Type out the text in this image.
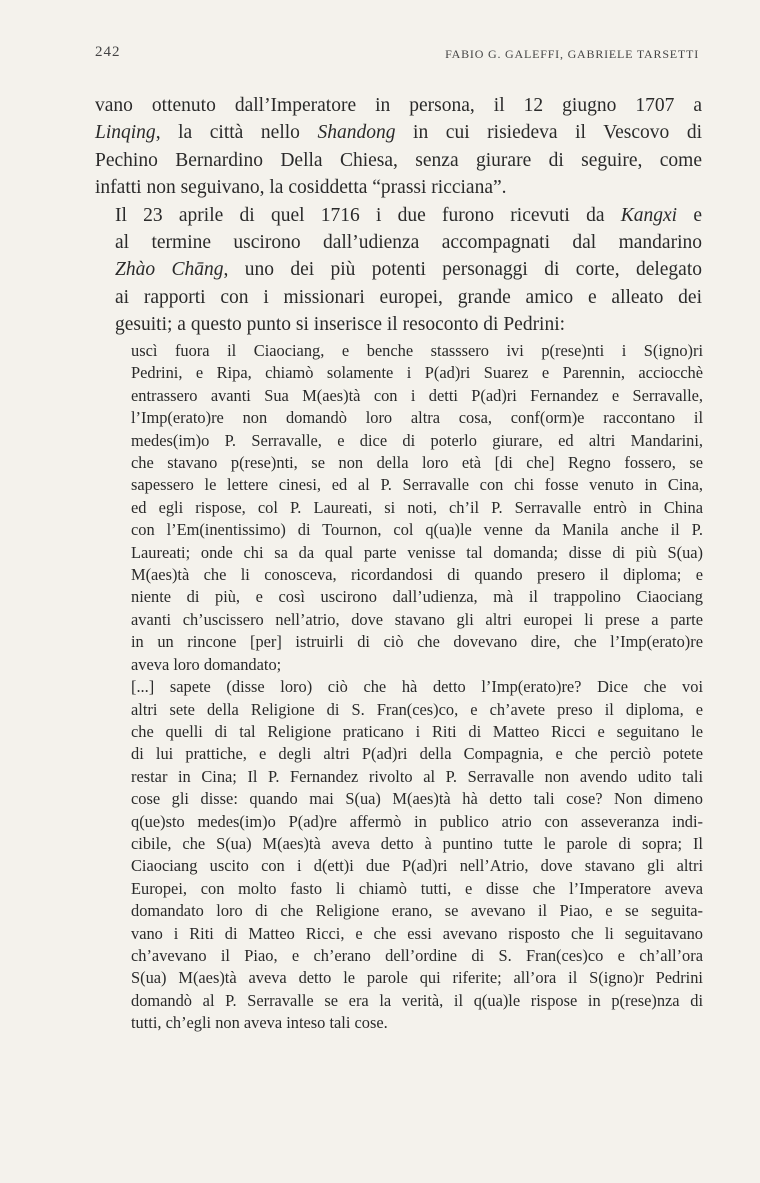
242	FABIO G. GALEFFI, GABRIELE TARSETTI

vano ottenuto dall’Imperatore in persona, il 12 giugno 1707 a
Linqing, la città nello Shandong in cui risiedeva il Vescovo di
Pechino Bernardino Della Chiesa, senza giurare di seguire, come
infatti non seguivano, la cosiddetta “prassi ricciana”.

Il 23 aprile di quel 1716 i due furono ricevuti da Kangxi e
al termine uscirono dall’udienza accompagnati dal mandarino
Zhào Chāng, uno dei più potenti personaggi di corte, delegato
ai rapporti con i missionari europei, grande amico e alleato dei
gesuiti; a questo punto si inserisce il resoconto di Pedrini:

uscì fuora il Ciaociang, e benche stasssero ivi p(rese)nti i S(igno)ri
Pedrini, e Ripa, chiamò solamente i P(ad)ri Suarez e Parennin, acciocchè
entrassero avanti Sua M(aes)tà con i detti P(ad)ri Fernandez e Serravalle,
l’Imp(erato)re non domandò loro altra cosa, conf(orm)e raccontano il
medes(im)o P. Serravalle, e dice di poterlo giurare, ed altri Mandarini,
che stavano p(rese)nti, se non della loro età [di che] Regno fossero, se
sapessero le lettere cinesi, ed al P. Serravalle con chi fosse venuto in Cina,
ed egli rispose, col P. Laureati, si noti, ch’il P. Serravalle entrò in China
con l’Em(inentissimo) di Tournon, col q(ua)le venne da Manila anche il P.
Laureati; onde chi sa da qual parte venisse tal domanda; disse di più S(ua)
M(aes)tà che li conosceva, ricordandosi di quando presero il diploma; e
niente di più, e così uscirono dall’udienza, mà il trappolino Ciaociang
avanti ch’uscissero nell’atrio, dove stavano gli altri europei li prese a parte
in un rincone [per] istruirli di ciò che dovevano dire, che l’Imp(erato)re
aveva loro domandato;

[...] sapete (disse loro) ciò che hà detto l’Imp(erato)re? Dice che voi
altri sete della Religione di S. Fran(ces)co, e ch’avete preso il diploma, e
che quelli di tal Religione praticano i Riti di Matteo Ricci e seguitano le
di lui prattiche, e degli altri P(ad)ri della Compagnia, e che perciò potete
restar in Cina; Il P. Fernandez rivolto al P. Serravalle non avendo udito tali
cose gli disse: quando mai S(ua) M(aes)tà hà detto tali cose? Non dimeno
q(ue)sto medes(im)o P(ad)re affermò in publico atrio con asseveranza indi-
cibile, che S(ua) M(aes)tà aveva detto à puntino tutte le parole di sopra; Il
Ciaociang uscito con i d(ett)i due P(ad)ri nell’Atrio, dove stavano gli altri
Europei, con molto fasto li chiamò tutti, e disse che l’Imperatore aveva
domandato loro di che Religione erano, se avevano il Piao, e se seguita-
vano i Riti di Matteo Ricci, e che essi avevano risposto che li seguitavano
ch’avevano il Piao, e ch’erano dell’ordine di S. Fran(ces)co e ch’all’ora
S(ua) M(aes)tà aveva detto le parole qui riferite; all’ora il S(igno)r Pedrini
domandò al P. Serravalle se era la verità, il q(ua)le rispose in p(rese)nza di
tutti, ch’egli non aveva inteso tali cose.
